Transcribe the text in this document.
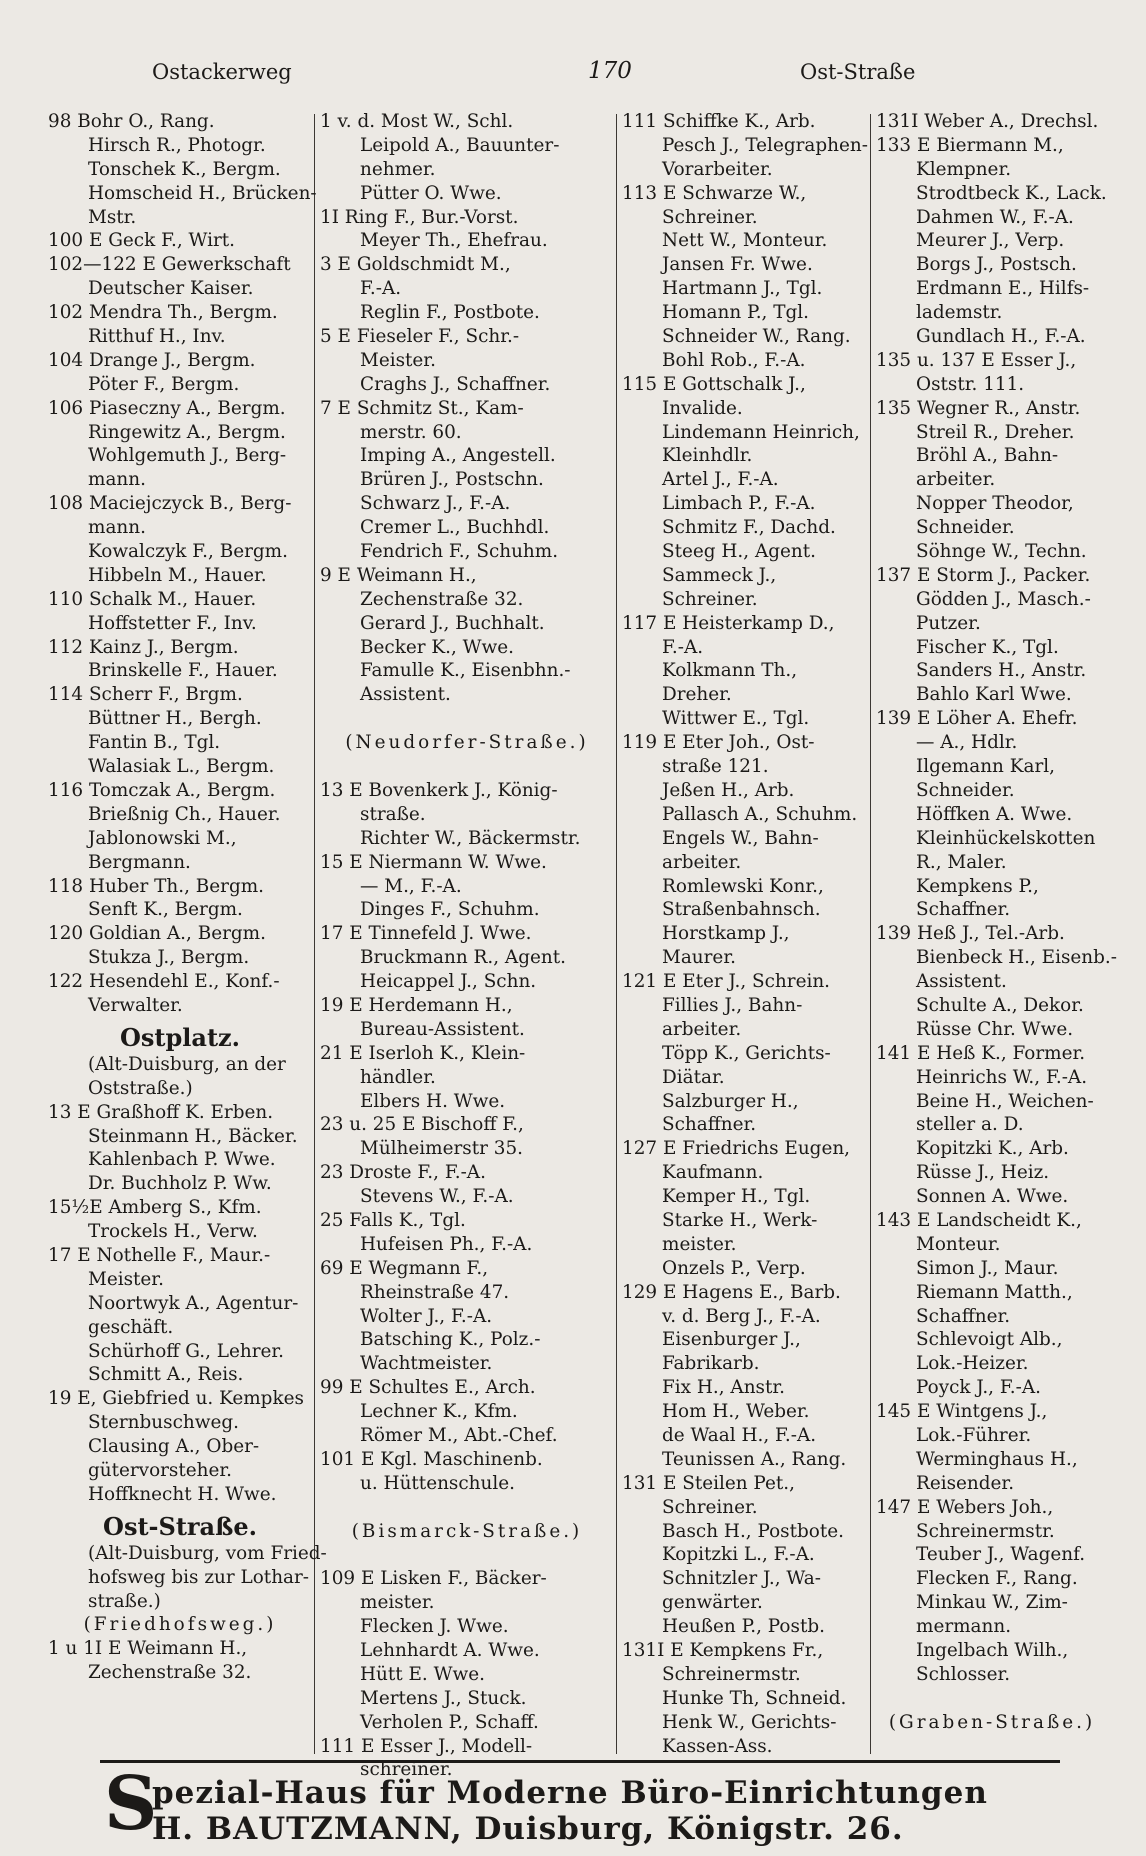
Ostackerweg	170	Ost-Straße
98 Bohr O., Rang.
Hirsch R., Photogr.
Tonschek K., Bergm.
Homscheid H., Brücken-
Mstr.
100 E Geck F., Wirt.
102—122 E Gewerkschaft
Deutscher Kaiser.
102 Mendra Th., Bergm.
Ritthuf H., Inv.
104 Drange J., Bergm.
Pöter F., Bergm.
106 Piaseczny A., Bergm.
Ringewitz A., Bergm.
Wohlgemuth J., Berg-
mann.
108 Maciejczyck B., Berg-
mann.
Kowalczyk F., Bergm.
Hibbeln M., Hauer.
110 Schalk M., Hauer.
Hoffstetter F., Inv.
112 Kainz J., Bergm.
Brinskelle F., Hauer.
114 Scherr F., Brgm.
Büttner H., Bergh.
Fantin B., Tgl.
Walasiak L., Bergm.
116 Tomczak A., Bergm.
Brießnig Ch., Hauer.
Jablonowski M.,
Bergmann.
118 Huber Th., Bergm.
Senft K., Bergm.
120 Goldian A., Bergm.
Stukza J., Bergm.
122 Hesendehl E., Konf.-
Verwalter.
Ostplatz.
(Alt-Duisburg, an der
Oststraße.)
13 E Graßhoff K. Erben.
Steinmann H., Bäcker.
Kahlenbach P. Wwe.
Dr. Buchholz P. Ww.
15½E Amberg S., Kfm.
Trockels H., Verw.
17 E Nothelle F., Maur.-
Meister.
Noortwyk A., Agentur-
geschäft.
Schürhoff G., Lehrer.
Schmitt A., Reis.
19 E, Giebfried u. Kempkes
Sternbuschweg.
Clausing A., Ober-
gütervorsteher.
Hoffknecht H. Wwe.
Ost-Straße.
(Alt-Duisburg, vom Fried-
hofsweg bis zur Lothar-
straße.)
(Friedhofsweg.)
1 u 1I E Weimann H.,
Zechenstraße 32.
1 v. d. Most W., Schl.
Leipold A., Bauunter-
nehmer.
Pütter O. Wwe.
1I Ring F., Bur.-Vorst.
Meyer Th., Ehefrau.
3 E Goldschmidt M.,
F.-A.
Reglin F., Postbote.
5 E Fieseler F., Schr.-
Meister.
Craghs J., Schaffner.
7 E Schmitz St., Kam-
merstr. 60.
Imping A., Angestell.
Brüren J., Postschn.
Schwarz J., F.-A.
Cremer L., Buchhdl.
Fendrich F., Schuhm.
9 E Weimann H.,
Zechenstraße 32.
Gerard J., Buchhalt.
Becker K., Wwe.
Famulle K., Eisenbhn.-
Assistent.
(Neudorfer-Straße.)
13 E Bovenkerk J., König-
straße.
Richter W., Bäckermstr.
15 E Niermann W. Wwe.
— M., F.-A.
Dinges F., Schuhm.
17 E Tinnefeld J. Wwe.
Bruckmann R., Agent.
Heicappel J., Schn.
19 E Herdemann H.,
Bureau-Assistent.
21 E Iserloh K., Klein-
händler.
Elbers H. Wwe.
23 u. 25 E Bischoff F.,
Mülheimerstr 35.
23 Droste F., F.-A.
Stevens W., F.-A.
25 Falls K., Tgl.
Hufeisen Ph., F.-A.
69 E Wegmann F.,
Rheinstraße 47.
Wolter J., F.-A.
Batsching K., Polz.-
Wachtmeister.
99 E Schultes E., Arch.
Lechner K., Kfm.
Römer M., Abt.-Chef.
101 E Kgl. Maschinenb.
u. Hüttenschule.
(Bismarck-Straße.)
109 E Lisken F., Bäcker-
meister.
Flecken J. Wwe.
Lehnhardt A. Wwe.
Hütt E. Wwe.
Mertens J., Stuck.
Verholen P., Schaff.
111 E Esser J., Modell-
schreiner.
111 Schiffke K., Arb.
Pesch J., Telegraphen-
Vorarbeiter.
113 E Schwarze W.,
Schreiner.
Nett W., Monteur.
Jansen Fr. Wwe.
Hartmann J., Tgl.
Homann P., Tgl.
Schneider W., Rang.
Bohl Rob., F.-A.
115 E Gottschalk J.,
Invalide.
Lindemann Heinrich,
Kleinhdlr.
Artel J., F.-A.
Limbach P., F.-A.
Schmitz F., Dachd.
Steeg H., Agent.
Sammeck J.,
Schreiner.
117 E Heisterkamp D.,
F.-A.
Kolkmann Th.,
Dreher.
Wittwer E., Tgl.
119 E Eter Joh., Ost-
straße 121.
Jeßen H., Arb.
Pallasch A., Schuhm.
Engels W., Bahn-
arbeiter.
Romlewski Konr.,
Straßenbahnsch.
Horstkamp J.,
Maurer.
121 E Eter J., Schrein.
Fillies J., Bahn-
arbeiter.
Töpp K., Gerichts-
Diätar.
Salzburger H.,
Schaffner.
127 E Friedrichs Eugen,
Kaufmann.
Kemper H., Tgl.
Starke H., Werk-
meister.
Onzels P., Verp.
129 E Hagens E., Barb.
v. d. Berg J., F.-A.
Eisenburger J.,
Fabrikarb.
Fix H., Anstr.
Hom H., Weber.
de Waal H., F.-A.
Teunissen A., Rang.
131 E Steilen Pet.,
Schreiner.
Basch H., Postbote.
Kopitzki L., F.-A.
Schnitzler J., Wa-
genwärter.
Heußen P., Postb.
131I E Kempkens Fr.,
Schreinermstr.
Hunke Th, Schneid.
Henk W., Gerichts-
Kassen-Ass.
131I Weber A., Drechsl.
133 E Biermann M.,
Klempner.
Strodtbeck K., Lack.
Dahmen W., F.-A.
Meurer J., Verp.
Borgs J., Postsch.
Erdmann E., Hilfs-
lademstr.
Gundlach H., F.-A.
135 u. 137 E Esser J.,
Oststr. 111.
135 Wegner R., Anstr.
Streil R., Dreher.
Bröhl A., Bahn-
arbeiter.
Nopper Theodor,
Schneider.
Söhnge W., Techn.
137 E Storm J., Packer.
Gödden J., Masch.-
Putzer.
Fischer K., Tgl.
Sanders H., Anstr.
Bahlo Karl Wwe.
139 E Löher A. Ehefr.
— A., Hdlr.
Ilgemann Karl,
Schneider.
Höffken A. Wwe.
Kleinhückelskotten
R., Maler.
Kempkens P.,
Schaffner.
139 Heß J., Tel.-Arb.
Bienbeck H., Eisenb.-
Assistent.
Schulte A., Dekor.
Rüsse Chr. Wwe.
141 E Heß K., Former.
Heinrichs W., F.-A.
Beine H., Weichen-
steller a. D.
Kopitzki K., Arb.
Rüsse J., Heiz.
Sonnen A. Wwe.
143 E Landscheidt K.,
Monteur.
Simon J., Maur.
Riemann Matth.,
Schaffner.
Schlevoigt Alb.,
Lok.-Heizer.
Poyck J., F.-A.
145 E Wintgens J.,
Lok.-Führer.
Werminghaus H.,
Reisender.
147 E Webers Joh.,
Schreinermstr.
Teuber J., Wagenf.
Flecken F., Rang.
Minkau W., Zim-
mermann.
Ingelbach Wilh.,
Schlosser.
(Graben-Straße.)
S
pezial-Haus für Moderne Büro-Einrichtungen
H. BAUTZMANN, Duisburg, Königstr. 26.
